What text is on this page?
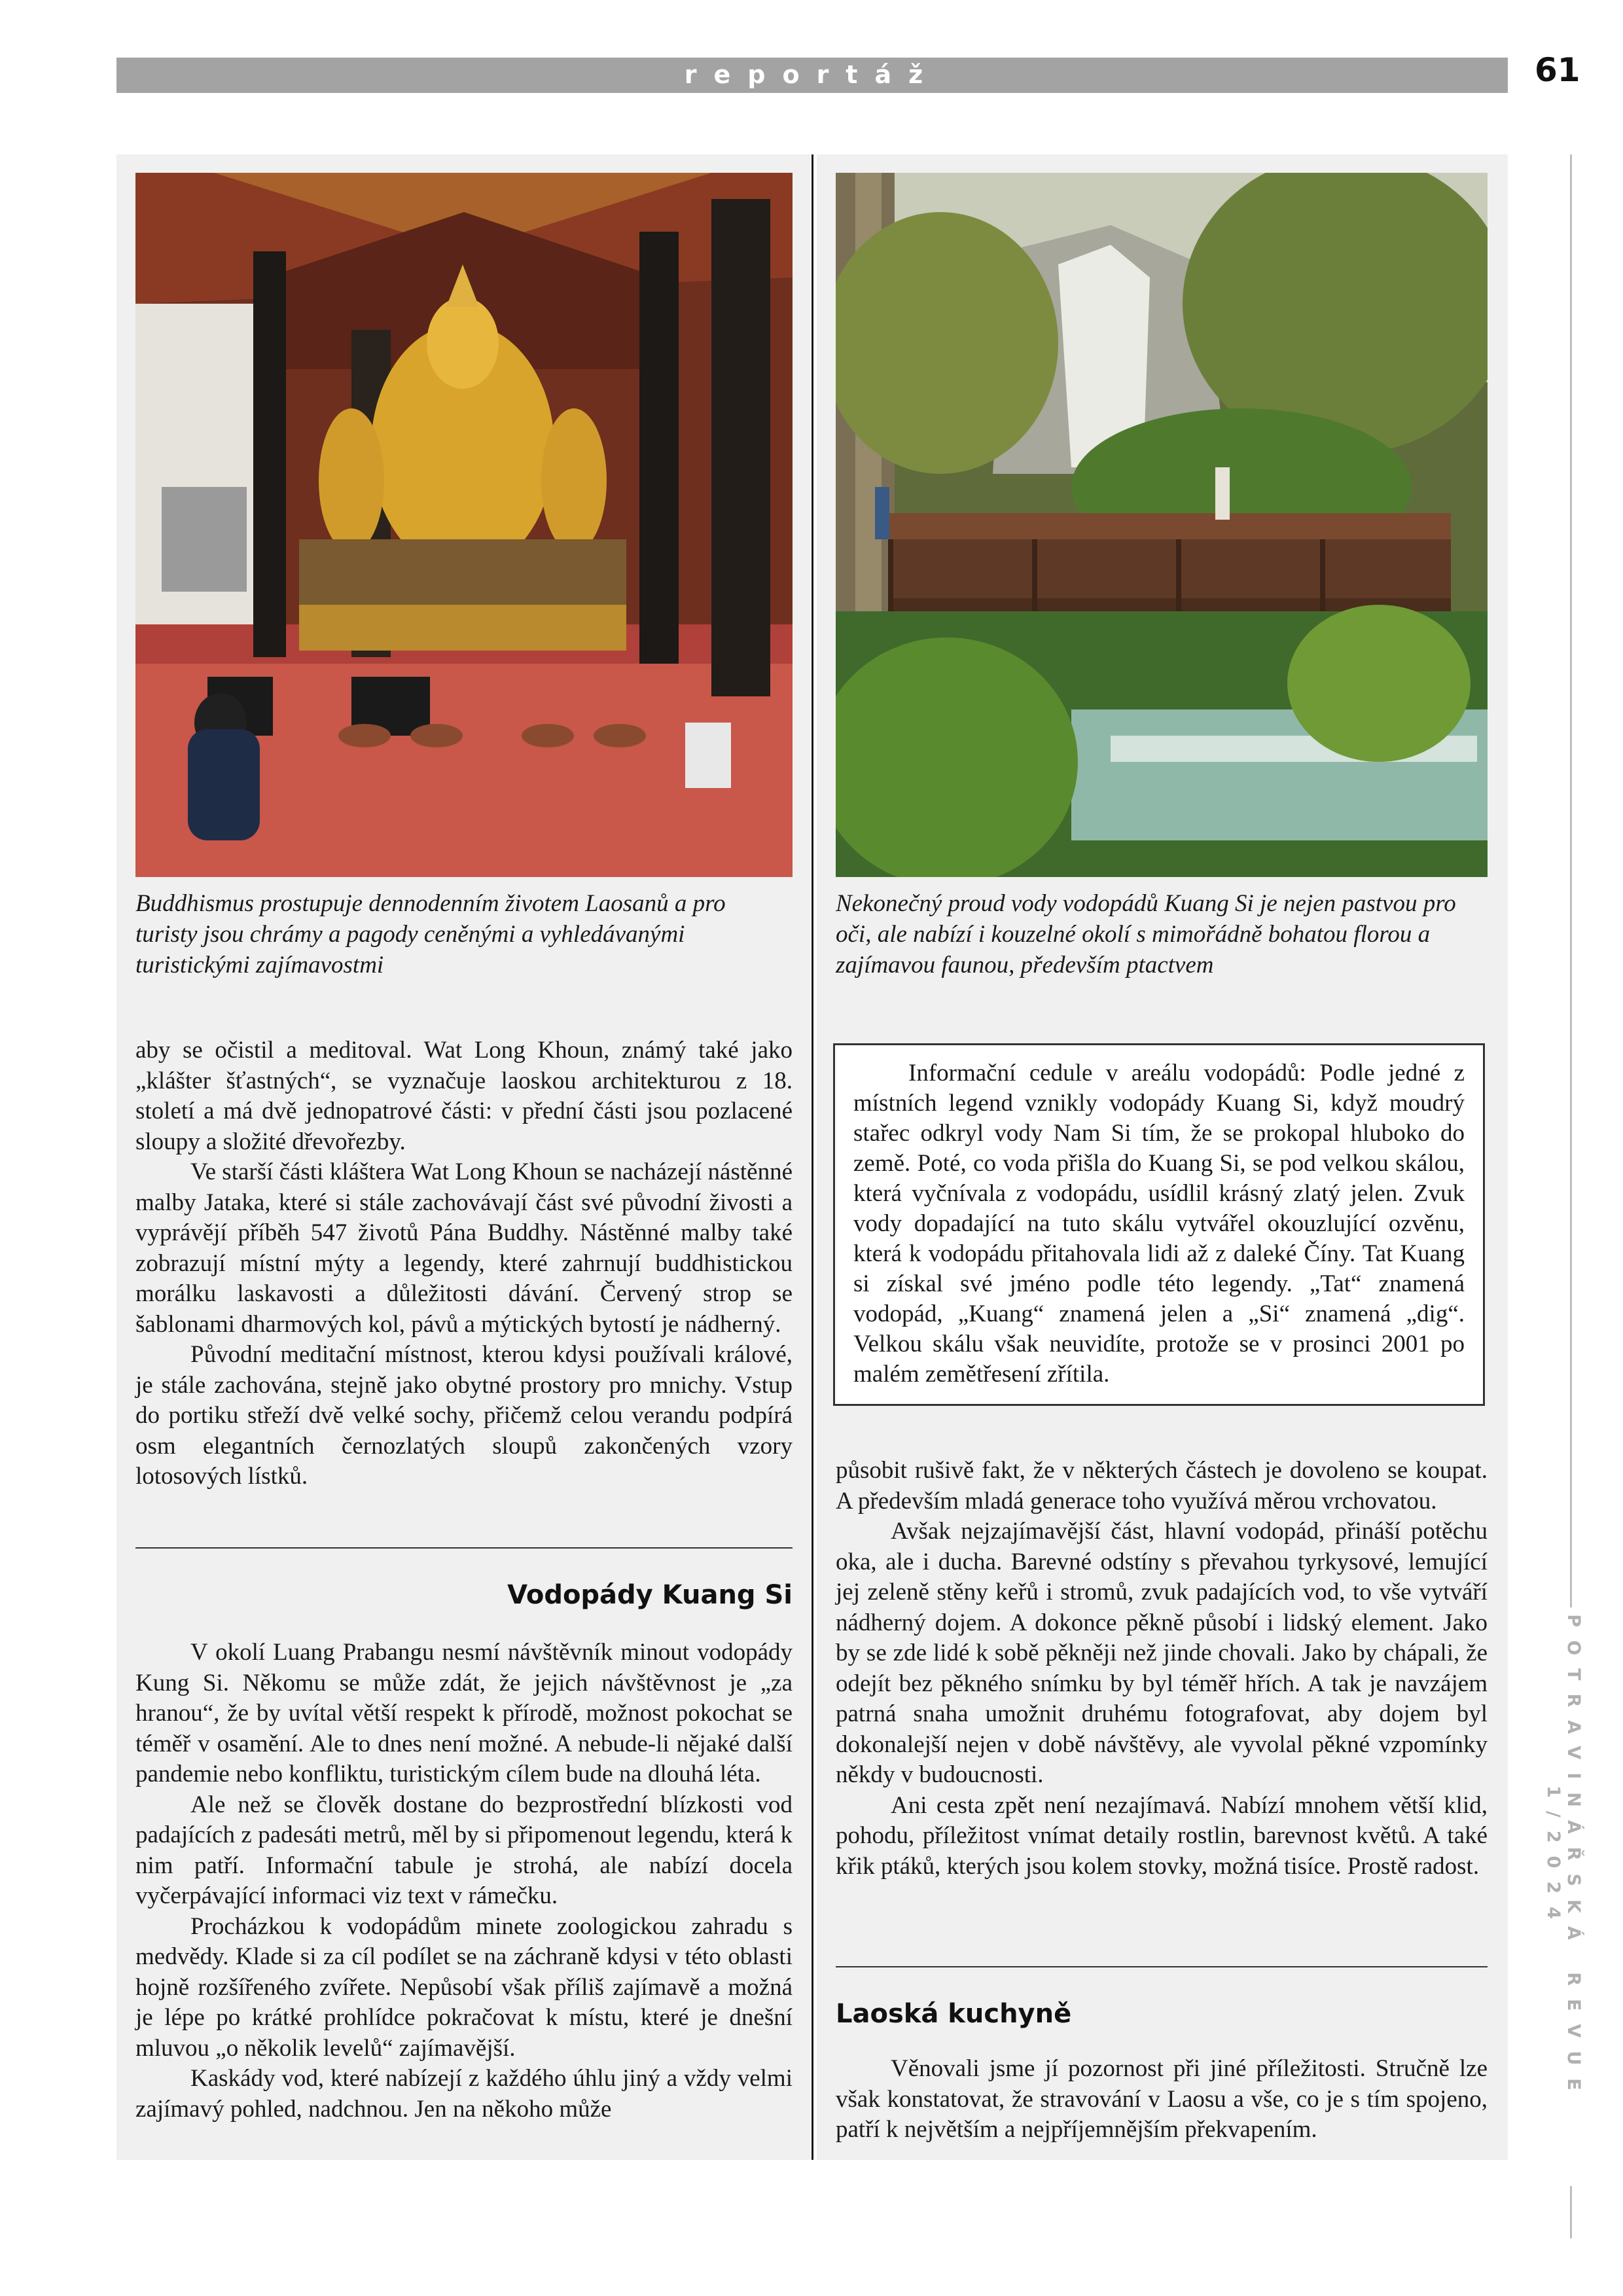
reportáž	61
POTRAVINÁŘSKÁ REVUE 1/2024
Buddhismus prostupuje dennodenním životem Laosanů a pro turisty jsou chrámy a pagody ceněnými a vyhledávanými turistickými zajímavostmi
Nekonečný proud vody vodopádů Kuang Si je nejen pastvou pro oči, ale nabízí i kouzelné okolí s mimořádně bohatou florou a zajímavou faunou, především ptactvem

aby se očistil a meditoval. Wat Long Khoun, známý také jako „klášter šťastných“, se vyznačuje laoskou architekturou z 18. století a má dvě jednopatrové části: v přední části jsou pozlacené sloupy a složité dřevořezby.

Ve starší části kláštera Wat Long Khoun se nacházejí nástěnné malby Jataka, které si stále zachovávají část své původní živosti a vyprávějí příběh 547 životů Pána Buddhy. Nástěnné malby také zobrazují místní mýty a legendy, které zahrnují buddhistickou morálku laskavosti a důležitosti dávání. Červený strop se šablonami dharmových kol, pávů a mýtických bytostí je nádherný.

Původní meditační místnost, kterou kdysi používali králové, je stále zachována, stejně jako obytné prostory pro mnichy. Vstup do portiku střeží dvě velké sochy, přičemž celou verandu podpírá osm elegantních černozlatých sloupů zakončených vzory lotosových lístků.

Vodopády Kuang Si

V okolí Luang Prabangu nesmí návštěvník minout vodopády Kung Si. Někomu se může zdát, že jejich návštěvnost je „za hranou“, že by uvítal větší respekt k přírodě, možnost pokochat se téměř v osamění. Ale to dnes není možné. A nebude-li nějaké další pandemie nebo konfliktu, turistickým cílem bude na dlouhá léta.

Ale než se člověk dostane do bezprostřední blízkosti vod padajících z padesáti metrů, měl by si připomenout legendu, která k nim patří. Informační tabule je strohá, ale nabízí docela vyčerpávající informaci viz text v rámečku.

Procházkou k vodopádům minete zoologickou zahradu s medvědy. Klade si za cíl podílet se na záchraně kdysi v této oblasti hojně rozšířeného zvířete. Nepůsobí však příliš zajímavě a možná je lépe po krátké prohlídce pokračovat k místu, které je dnešní mluvou „o několik levelů“ zajímavější.

Kaskády vod, které nabízejí z každého úhlu jiný a vždy velmi zajímavý pohled, nadchnou. Jen na někoho může

Informační cedule v areálu vodopádů: Podle jedné z místních legend vznikly vodopády Kuang Si, když moudrý stařec odkryl vody Nam Si tím, že se prokopal hluboko do země. Poté, co voda přišla do Kuang Si, se pod velkou skálou, která vyčnívala z vodopádu, usídlil krásný zlatý jelen. Zvuk vody dopadající na tuto skálu vytvářel okouzlující ozvěnu, která k vodopádu přitahovala lidi až z daleké Číny. Tat Kuang si získal své jméno podle této legendy. „Tat“ znamená vodopád, „Kuang“ znamená jelen a „Si“ znamená „dig“. Velkou skálu však neuvidíte, protože se v prosinci 2001 po malém zemětřesení zřítila.

působit rušivě fakt, že v některých částech je dovoleno se koupat. A především mladá generace toho využívá měrou vrchovatou.

Avšak nejzajímavější část, hlavní vodopád, přináší potěchu oka, ale i ducha. Barevné odstíny s převahou tyrkysové, lemující jej zeleně stěny keřů i stromů, zvuk padajících vod, to vše vytváří nádherný dojem. A dokonce pěkně působí i lidský element. Jako by se zde lidé k sobě pěkněji než jinde chovali. Jako by chápali, že odejít bez pěkného snímku by byl téměř hřích. A tak je navzájem patrná snaha umožnit druhému fotografovat, aby dojem byl dokonalejší nejen v době návštěvy, ale vyvolal pěkné vzpomínky někdy v budoucnosti.

Ani cesta zpět není nezajímavá. Nabízí mnohem větší klid, pohodu, příležitost vnímat detaily rostlin, barevnost květů. A také křik ptáků, kterých jsou kolem stovky, možná tisíce. Prostě radost.

Laoská kuchyně

Věnovali jsme jí pozornost při jiné příležitosti. Stručně lze však konstatovat, že stravování v Laosu a vše, co je s tím spojeno, patří k největším a nejpříjemnějším překvapením.
